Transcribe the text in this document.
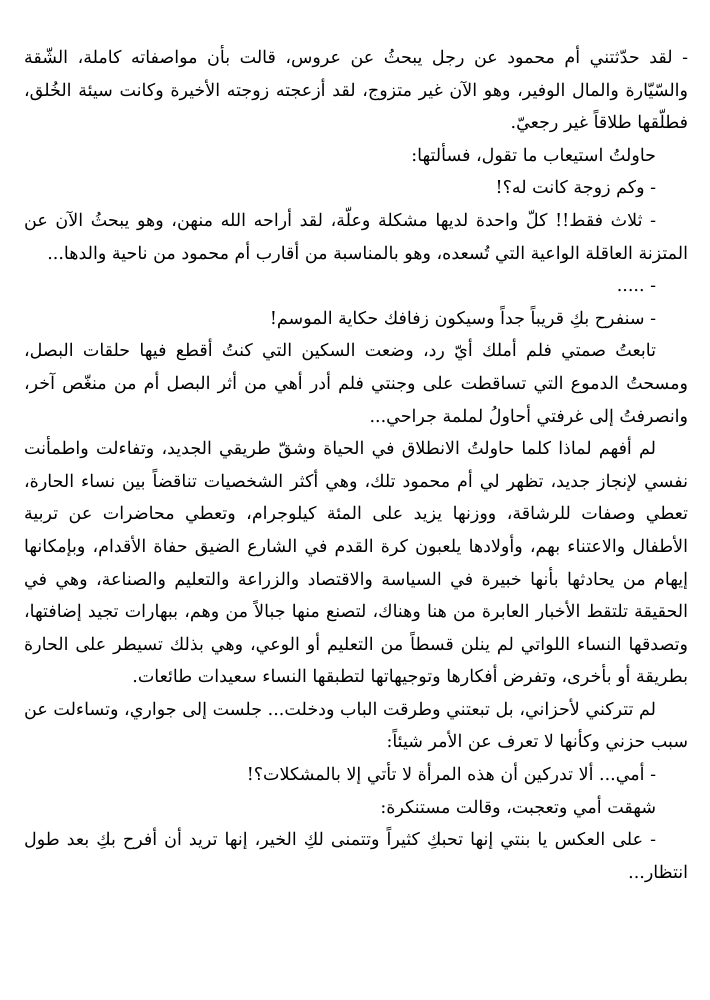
- لقد حدّثتني أم محمود عن رجل يبحثُ عن عروس، قالت بأن مواصفاته كاملة، الشّقة والسّيّارة والمال الوفير، وهو الآن غير متزوج، لقد أزعجته زوجته الأخيرة وكانت سيئة الخُلق، فطلّقها طلاقاً غير رجعيّ.

حاولتُ استيعاب ما تقول، فسألتها:

- وكم زوجة كانت له؟!

- ثلاث فقط!! كلّ واحدة لديها مشكلة وعلّة، لقد أراحه الله منهن، وهو يبحثُ الآن عن المتزنة العاقلة الواعية التي تُسعده، وهو بالمناسبة من أقارب أم محمود من ناحية والدها...

- .....

- سنفرح بكِ قريباً جداً وسيكون زفافك حكاية الموسم!

تابعتُ صمتي فلم أملك أيّ رد، وضعت السكين التي كنتُ أقطع فيها حلقات البصل، ومسحتُ الدموع التي تساقطت على وجنتي فلم أدر أهي من أثر البصل أم من منغّص آخر، وانصرفتُ إلى غرفتي أحاولُ لملمة جراحي...

لم أفهم لماذا كلما حاولتُ الانطلاق في الحياة وشقّ طريقي الجديد، وتفاءلت واطمأنت نفسي لإنجاز جديد، تظهر لي أم محمود تلك، وهي أكثر الشخصيات تناقضاً بين نساء الحارة، تعطي وصفات للرشاقة، ووزنها يزيد على المئة كيلوجرام، وتعطي محاضرات عن تربية الأطفال والاعتناء بهم، وأولادها يلعبون كرة القدم في الشارع الضيق حفاة الأقدام، وبإمكانها إيهام من يحادثها بأنها خبيرة في السياسة والاقتصاد والزراعة والتعليم والصناعة، وهي في الحقيقة تلتقط الأخبار العابرة من هنا وهناك، لتصنع منها جبالاً من وهم، ببهارات تجيد إضافتها، وتصدقها النساء اللواتي لم ينلن قسطاً من التعليم أو الوعي، وهي بذلك تسيطر على الحارة بطريقة أو بأخرى، وتفرض أفكارها وتوجيهاتها لتطبقها النساء سعيدات طائعات.

لم تتركني لأحزاني، بل تبعتني وطرقت الباب ودخلت... جلست إلى جواري، وتساءلت عن سبب حزني وكأنها لا تعرف عن الأمر شيئاً:

- أمي... ألا تدركين أن هذه المرأة لا تأتي إلا بالمشكلات؟!

شهقت أمي وتعجبت، وقالت مستنكرة:

- على العكس يا بنتي إنها تحبكِ كثيراً وتتمنى لكِ الخير، إنها تريد أن أفرح بكِ بعد طول انتظار...
